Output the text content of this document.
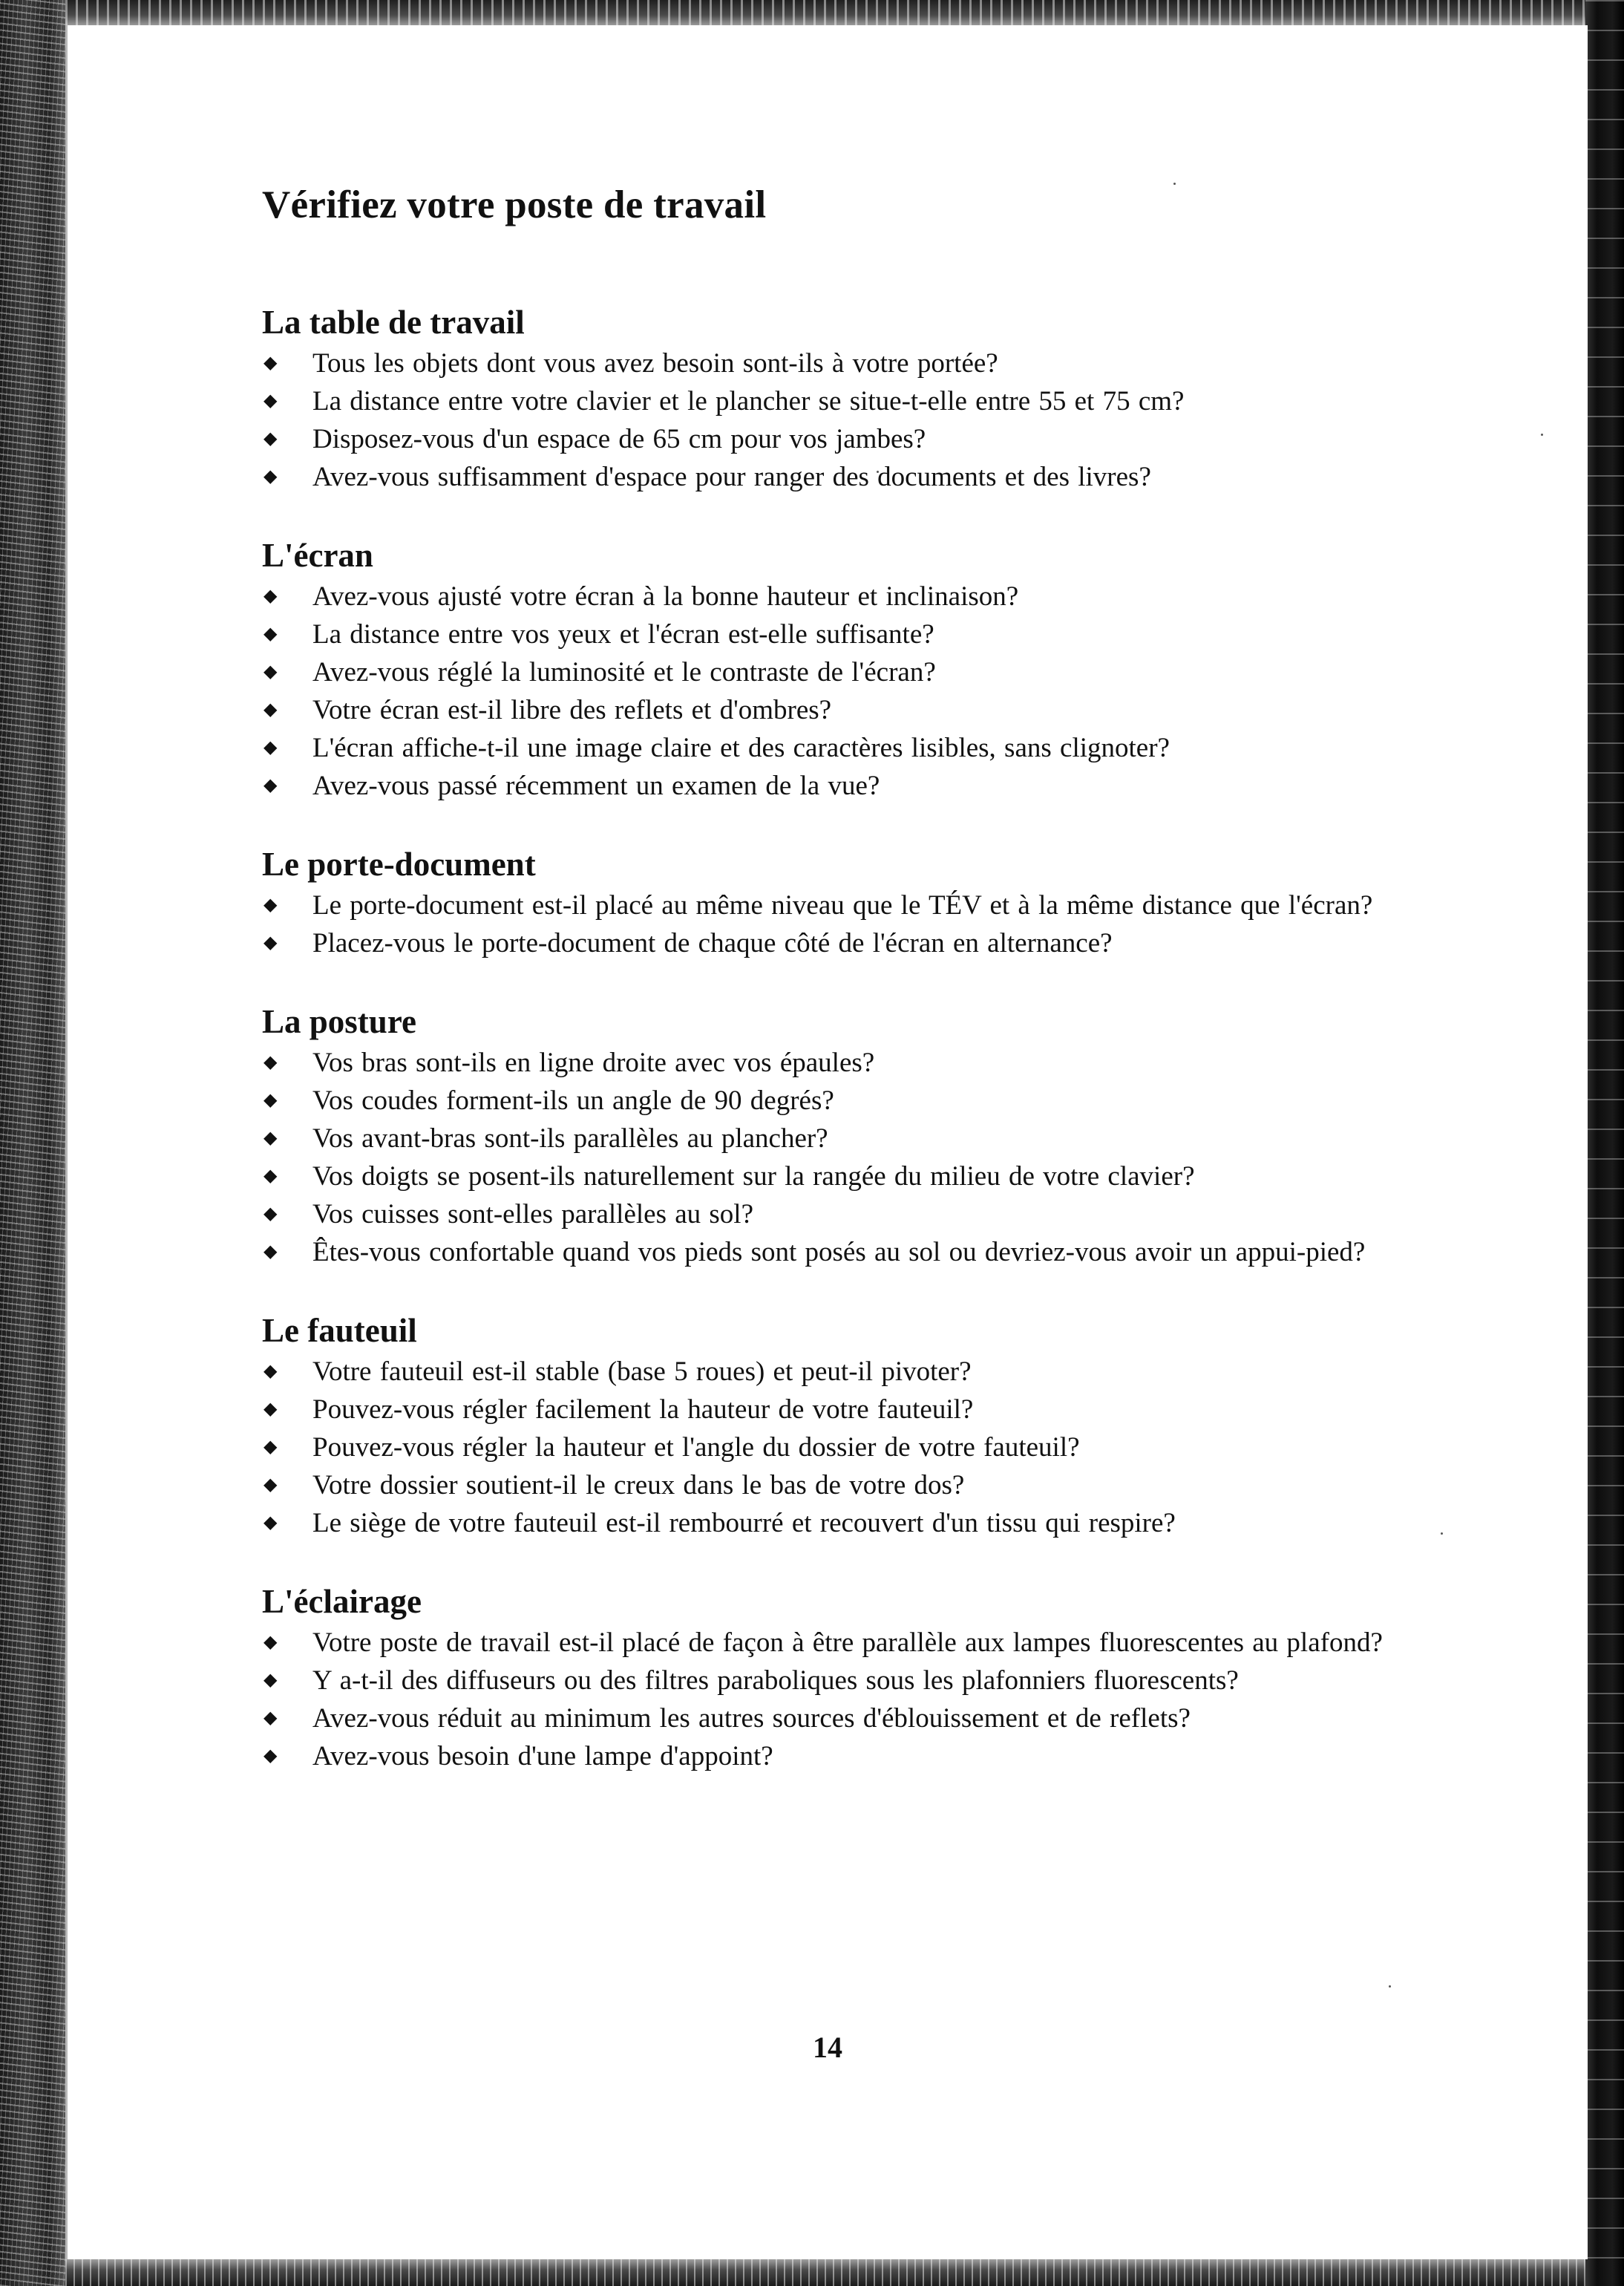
Vérifiez votre poste de travail
La table de travail
◆ Tous les objets dont vous avez besoin sont-ils à votre portée?
◆ La distance entre votre clavier et le plancher se situe-t-elle entre 55 et 75 cm?
◆ Disposez-vous d'un espace de 65 cm pour vos jambes?
◆ Avez-vous suffisamment d'espace pour ranger des documents et des livres?
L'écran
◆ Avez-vous ajusté votre écran à la bonne hauteur et inclinaison?
◆ La distance entre vos yeux et l'écran est-elle suffisante?
◆ Avez-vous réglé la luminosité et le contraste de l'écran?
◆ Votre écran est-il libre des reflets et d'ombres?
◆ L'écran affiche-t-il une image claire et des caractères lisibles, sans clignoter?
◆ Avez-vous passé récemment un examen de la vue?
Le porte-document
◆ Le porte-document est-il placé au même niveau que le TÉV et à la même distance que l'écran?
◆ Placez-vous le porte-document de chaque côté de l'écran en alternance?
La posture
◆ Vos bras sont-ils en ligne droite avec vos épaules?
◆ Vos coudes forment-ils un angle de 90 degrés?
◆ Vos avant-bras sont-ils parallèles au plancher?
◆ Vos doigts se posent-ils naturellement sur la rangée du milieu de votre clavier?
◆ Vos cuisses sont-elles parallèles au sol?
◆ Êtes-vous confortable quand vos pieds sont posés au sol ou devriez-vous avoir un appui-pied?
Le fauteuil
◆ Votre fauteuil est-il stable (base 5 roues) et peut-il pivoter?
◆ Pouvez-vous régler facilement la hauteur de votre fauteuil?
◆ Pouvez-vous régler la hauteur et l'angle du dossier de votre fauteuil?
◆ Votre dossier soutient-il le creux dans le bas de votre dos?
◆ Le siège de votre fauteuil est-il rembourré et recouvert d'un tissu qui respire?
L'éclairage
◆ Votre poste de travail est-il placé de façon à être parallèle aux lampes fluorescentes au plafond?
◆ Y a-t-il des diffuseurs ou des filtres paraboliques sous les plafonniers fluorescents?
◆ Avez-vous réduit au minimum les autres sources d'éblouissement et de reflets?
◆ Avez-vous besoin d'une lampe d'appoint?
14
